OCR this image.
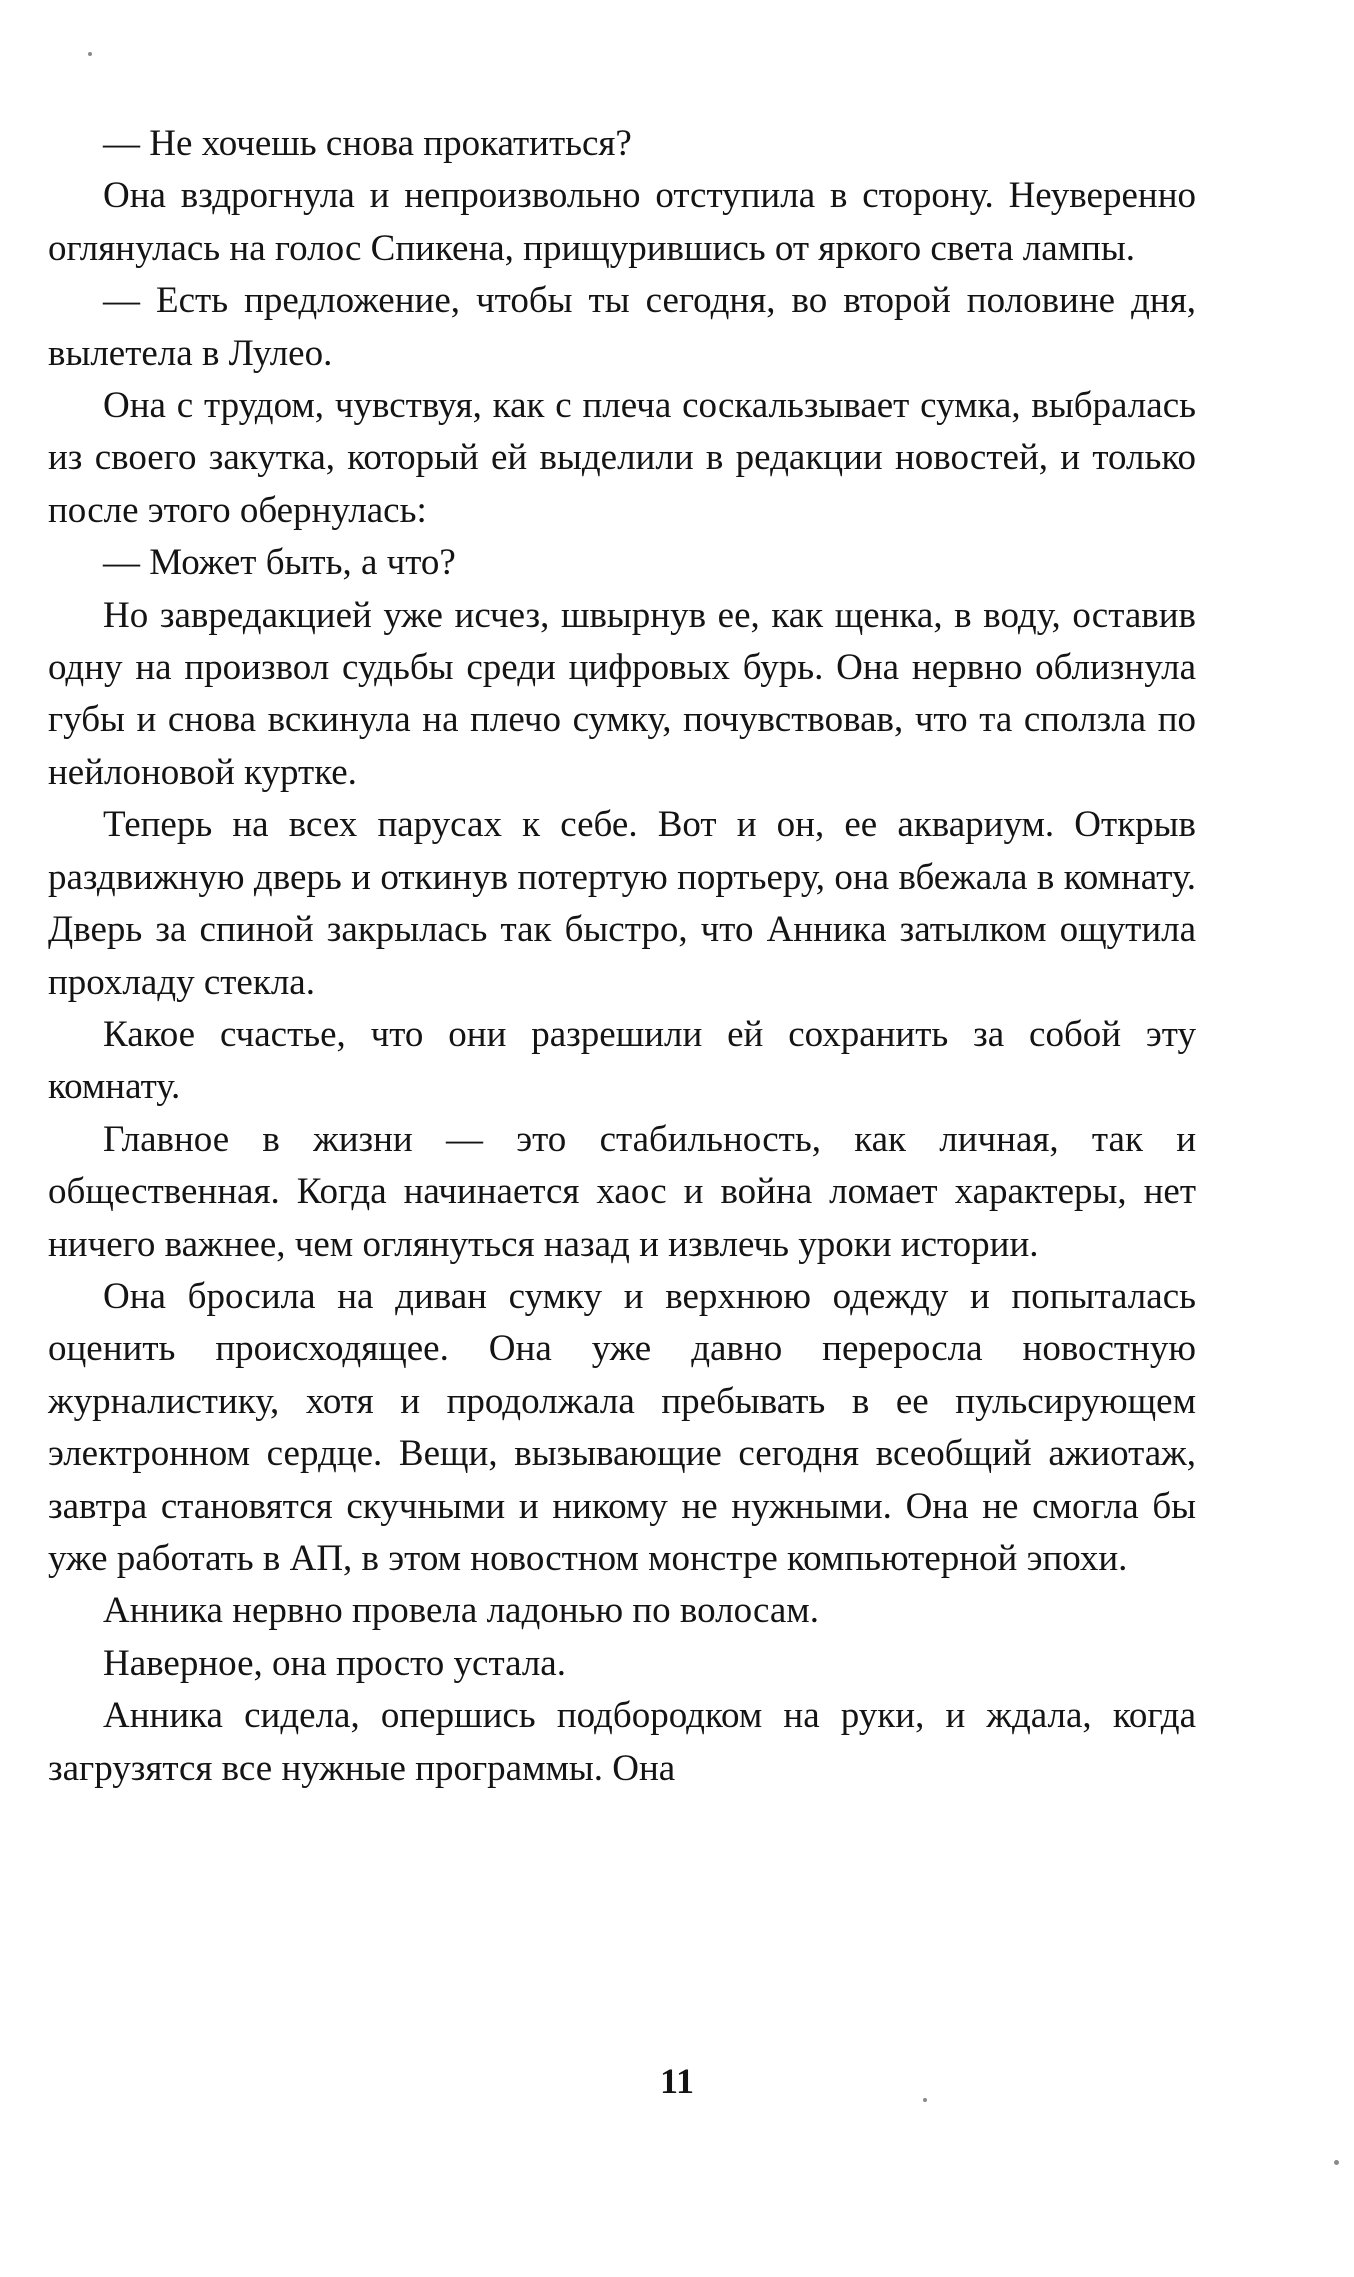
— Не хочешь снова прокатиться?

Она вздрогнула и непроизвольно отступила в сторону. Неуверенно оглянулась на голос Спикена, прищурившись от яркого света лампы.

— Есть предложение, чтобы ты сегодня, во второй половине дня, вылетела в Лулео.

Она с трудом, чувствуя, как с плеча соскальзывает сумка, выбралась из своего закутка, который ей выделили в редакции новостей, и только после этого обернулась:

— Может быть, а что?

Но завредакцией уже исчез, швырнув ее, как щенка, в воду, оставив одну на произвол судьбы среди цифровых бурь. Она нервно облизнула губы и снова вскинула на плечо сумку, почувствовав, что та сползла по нейлоновой куртке.

Теперь на всех парусах к себе. Вот и он, ее аквариум. Открыв раздвижную дверь и откинув потертую портьеру, она вбежала в комнату. Дверь за спиной закрылась так быстро, что Анника затылком ощутила прохладу стекла.

Какое счастье, что они разрешили ей сохранить за собой эту комнату.

Главное в жизни — это стабильность, как личная, так и общественная. Когда начинается хаос и война ломает характеры, нет ничего важнее, чем оглянуться назад и извлечь уроки истории.

Она бросила на диван сумку и верхнюю одежду и попыталась оценить происходящее. Она уже давно переросла новостную журналистику, хотя и продолжала пребывать в ее пульсирующем электронном сердце. Вещи, вызывающие сегодня всеобщий ажиотаж, завтра становятся скучными и никому не нужными. Она не смогла бы уже работать в АП, в этом новостном монстре компьютерной эпохи.

Анника нервно провела ладонью по волосам.

Наверное, она просто устала.

Анника сидела, опершись подбородком на руки, и ждала, когда загрузятся все нужные программы. Она

11
